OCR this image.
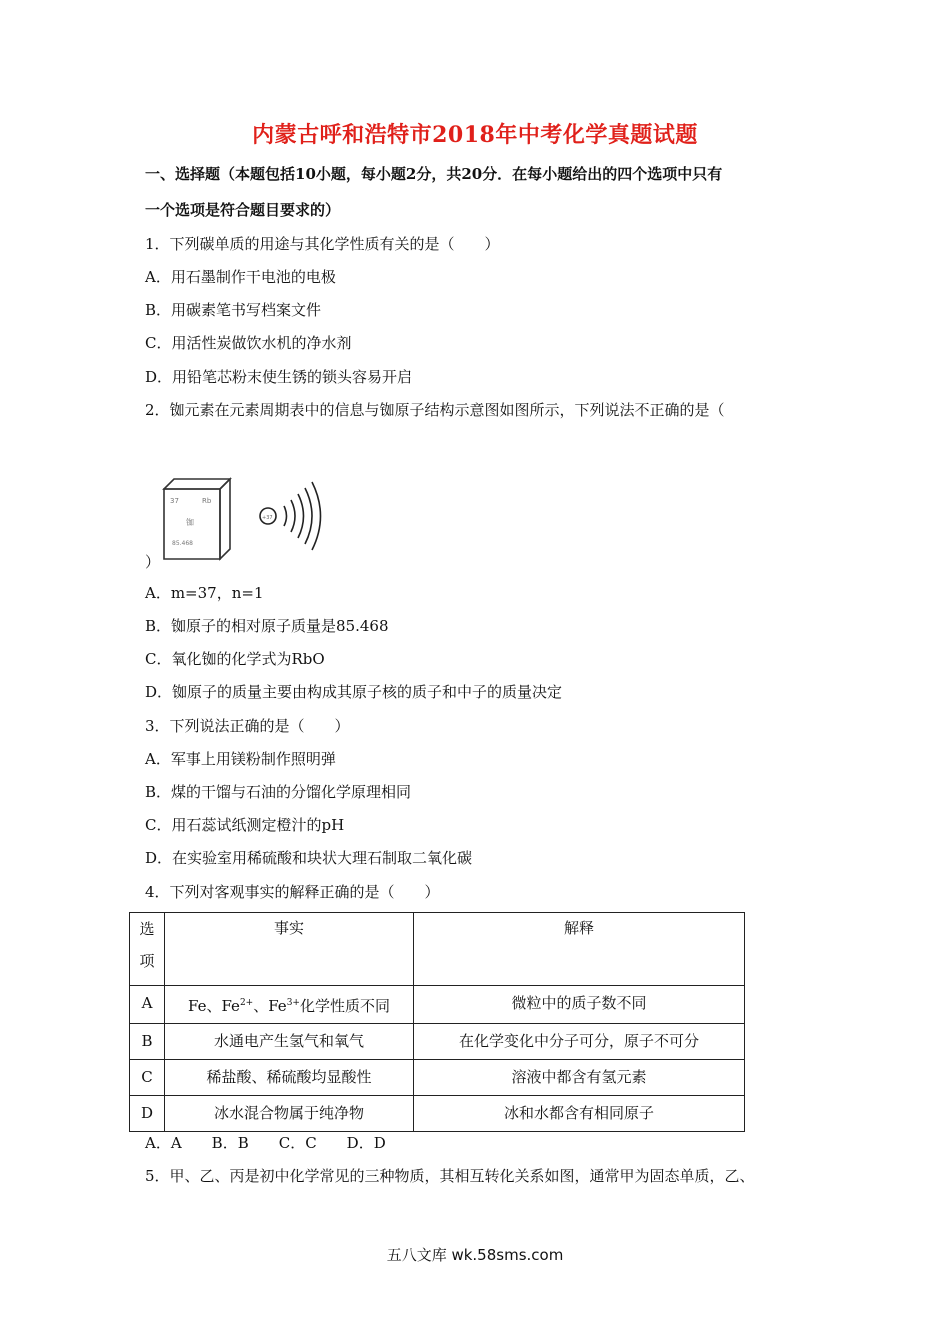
内蒙古呼和浩特市2018年中考化学真题试题
一、选择题（本题包括10小题，每小题2分，共20分．在每小题给出的四个选项中只有
一个选项是符合题目要求的）
1．下列碳单质的用途与其化学性质有关的是（　　）
A．用石墨制作干电池的电极
B．用碳素笔书写档案文件
C．用活性炭做饮水机的净水剂
D．用铅笔芯粉末使生锈的锁头容易开启
2．铷元素在元素周期表中的信息与铷原子结构示意图如图所示，下列说法不正确的是（
37	Rb
铷
85.468
+37
）
A．m=37，n=1
B．铷原子的相对原子质量是85.468
C．氧化铷的化学式为RbO
D．铷原子的质量主要由构成其原子核的质子和中子的质量决定
3．下列说法正确的是（　　）
A．军事上用镁粉制作照明弹
B．煤的干馏与石油的分馏化学原理相同
C．用石蕊试纸测定橙汁的pH
D．在实验室用稀硫酸和块状大理石制取二氧化碳
4．下列对客观事实的解释正确的是（　　）
选
项	事实	解释
A	Fe、$Fe^{2+}$、$Fe^{3+}$化学性质不同	微粒中的质子数不同
B	水通电产生氢气和氧气	在化学变化中分子可分，原子不可分
C	稀盐酸、稀硫酸均显酸性	溶液中都含有氢元素
D	冰水混合物属于纯净物	冰和水都含有相同原子
A．A　　B．B　　C．C　　D．D
5．甲、乙、丙是初中化学常见的三种物质，其相互转化关系如图，通常甲为固态单质，乙、
五八文库 wk.58sms.com
